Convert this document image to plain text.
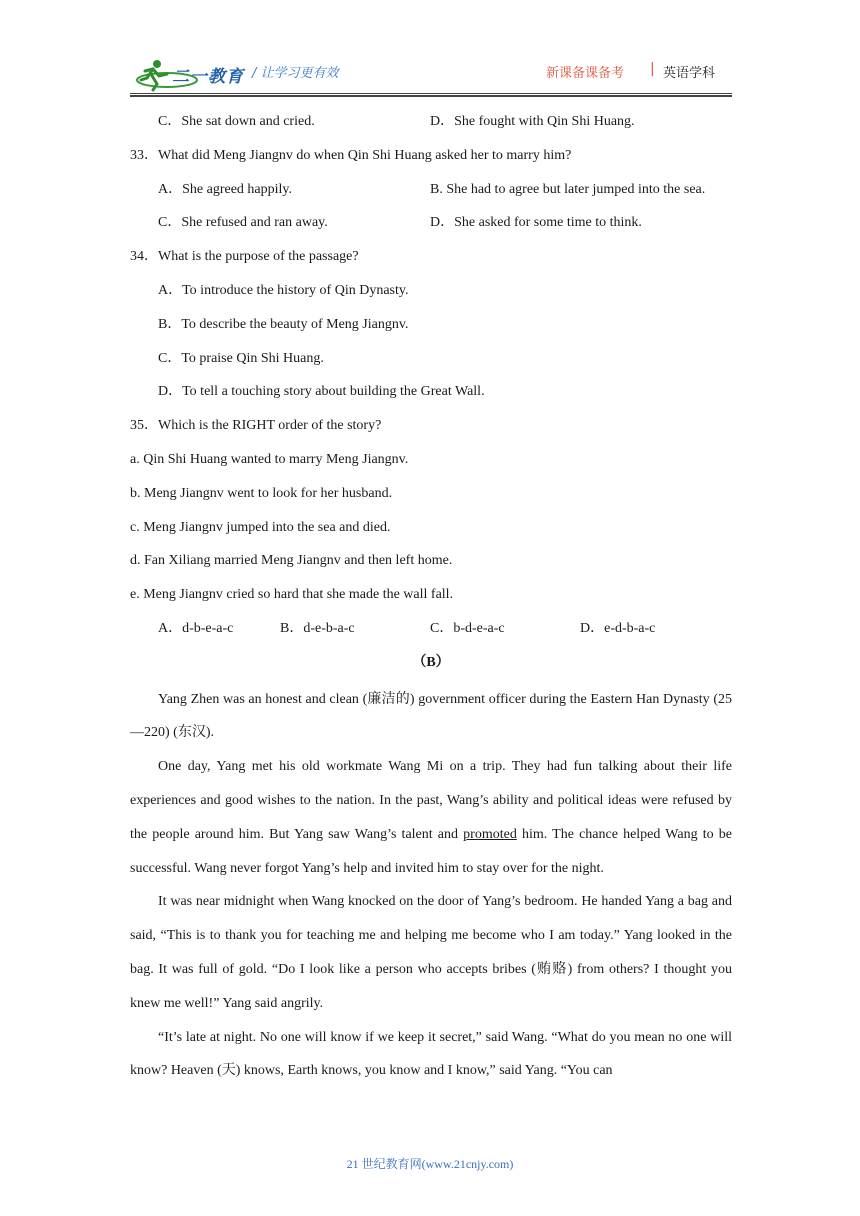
二一教育 / 让学习更有效	新课备课备考 | 英语学科
C．She sat down and cried.	D．She fought with Qin Shi Huang.
33．What did Meng Jiangnv do when Qin Shi Huang asked her to marry him?
A．She agreed happily.	B. She had to agree but later jumped into the sea.
C．She refused and ran away.	D．She asked for some time to think.
34．What is the purpose of the passage?
A．To introduce the history of Qin Dynasty.
B．To describe the beauty of Meng Jiangnv.
C．To praise Qin Shi Huang.
D．To tell a touching story about building the Great Wall.
35．Which is the RIGHT order of the story?
a. Qin Shi Huang wanted to marry Meng Jiangnv.
b. Meng Jiangnv went to look for her husband.
c. Meng Jiangnv jumped into the sea and died.
d. Fan Xiliang married Meng Jiangnv and then left home.
e. Meng Jiangnv cried so hard that she made the wall fall.
A．d-b-e-a-c	B．d-e-b-a-c	C．b-d-e-a-c	D．e-d-b-a-c
（B）
Yang Zhen was an honest and clean (廉洁的) government officer during the Eastern Han Dynasty (25—220) (东汉).
One day, Yang met his old workmate Wang Mi on a trip. They had fun talking about their life experiences and good wishes to the nation. In the past, Wang’s ability and political ideas were refused by the people around him. But Yang saw Wang’s talent and promoted him. The chance helped Wang to be successful. Wang never forgot Yang’s help and invited him to stay over for the night.
It was near midnight when Wang knocked on the door of Yang’s bedroom. He handed Yang a bag and said, “This is to thank you for teaching me and helping me become who I am today.” Yang looked in the bag. It was full of gold. “Do I look like a person who accepts bribes (贿赂) from others? I thought you knew me well!” Yang said angrily.
“It’s late at night. No one will know if we keep it secret,” said Wang. “What do you mean no one will know? Heaven (天) knows, Earth knows, you know and I know,” said Yang. “You can
21 世纪教育网(www.21cnjy.com)
